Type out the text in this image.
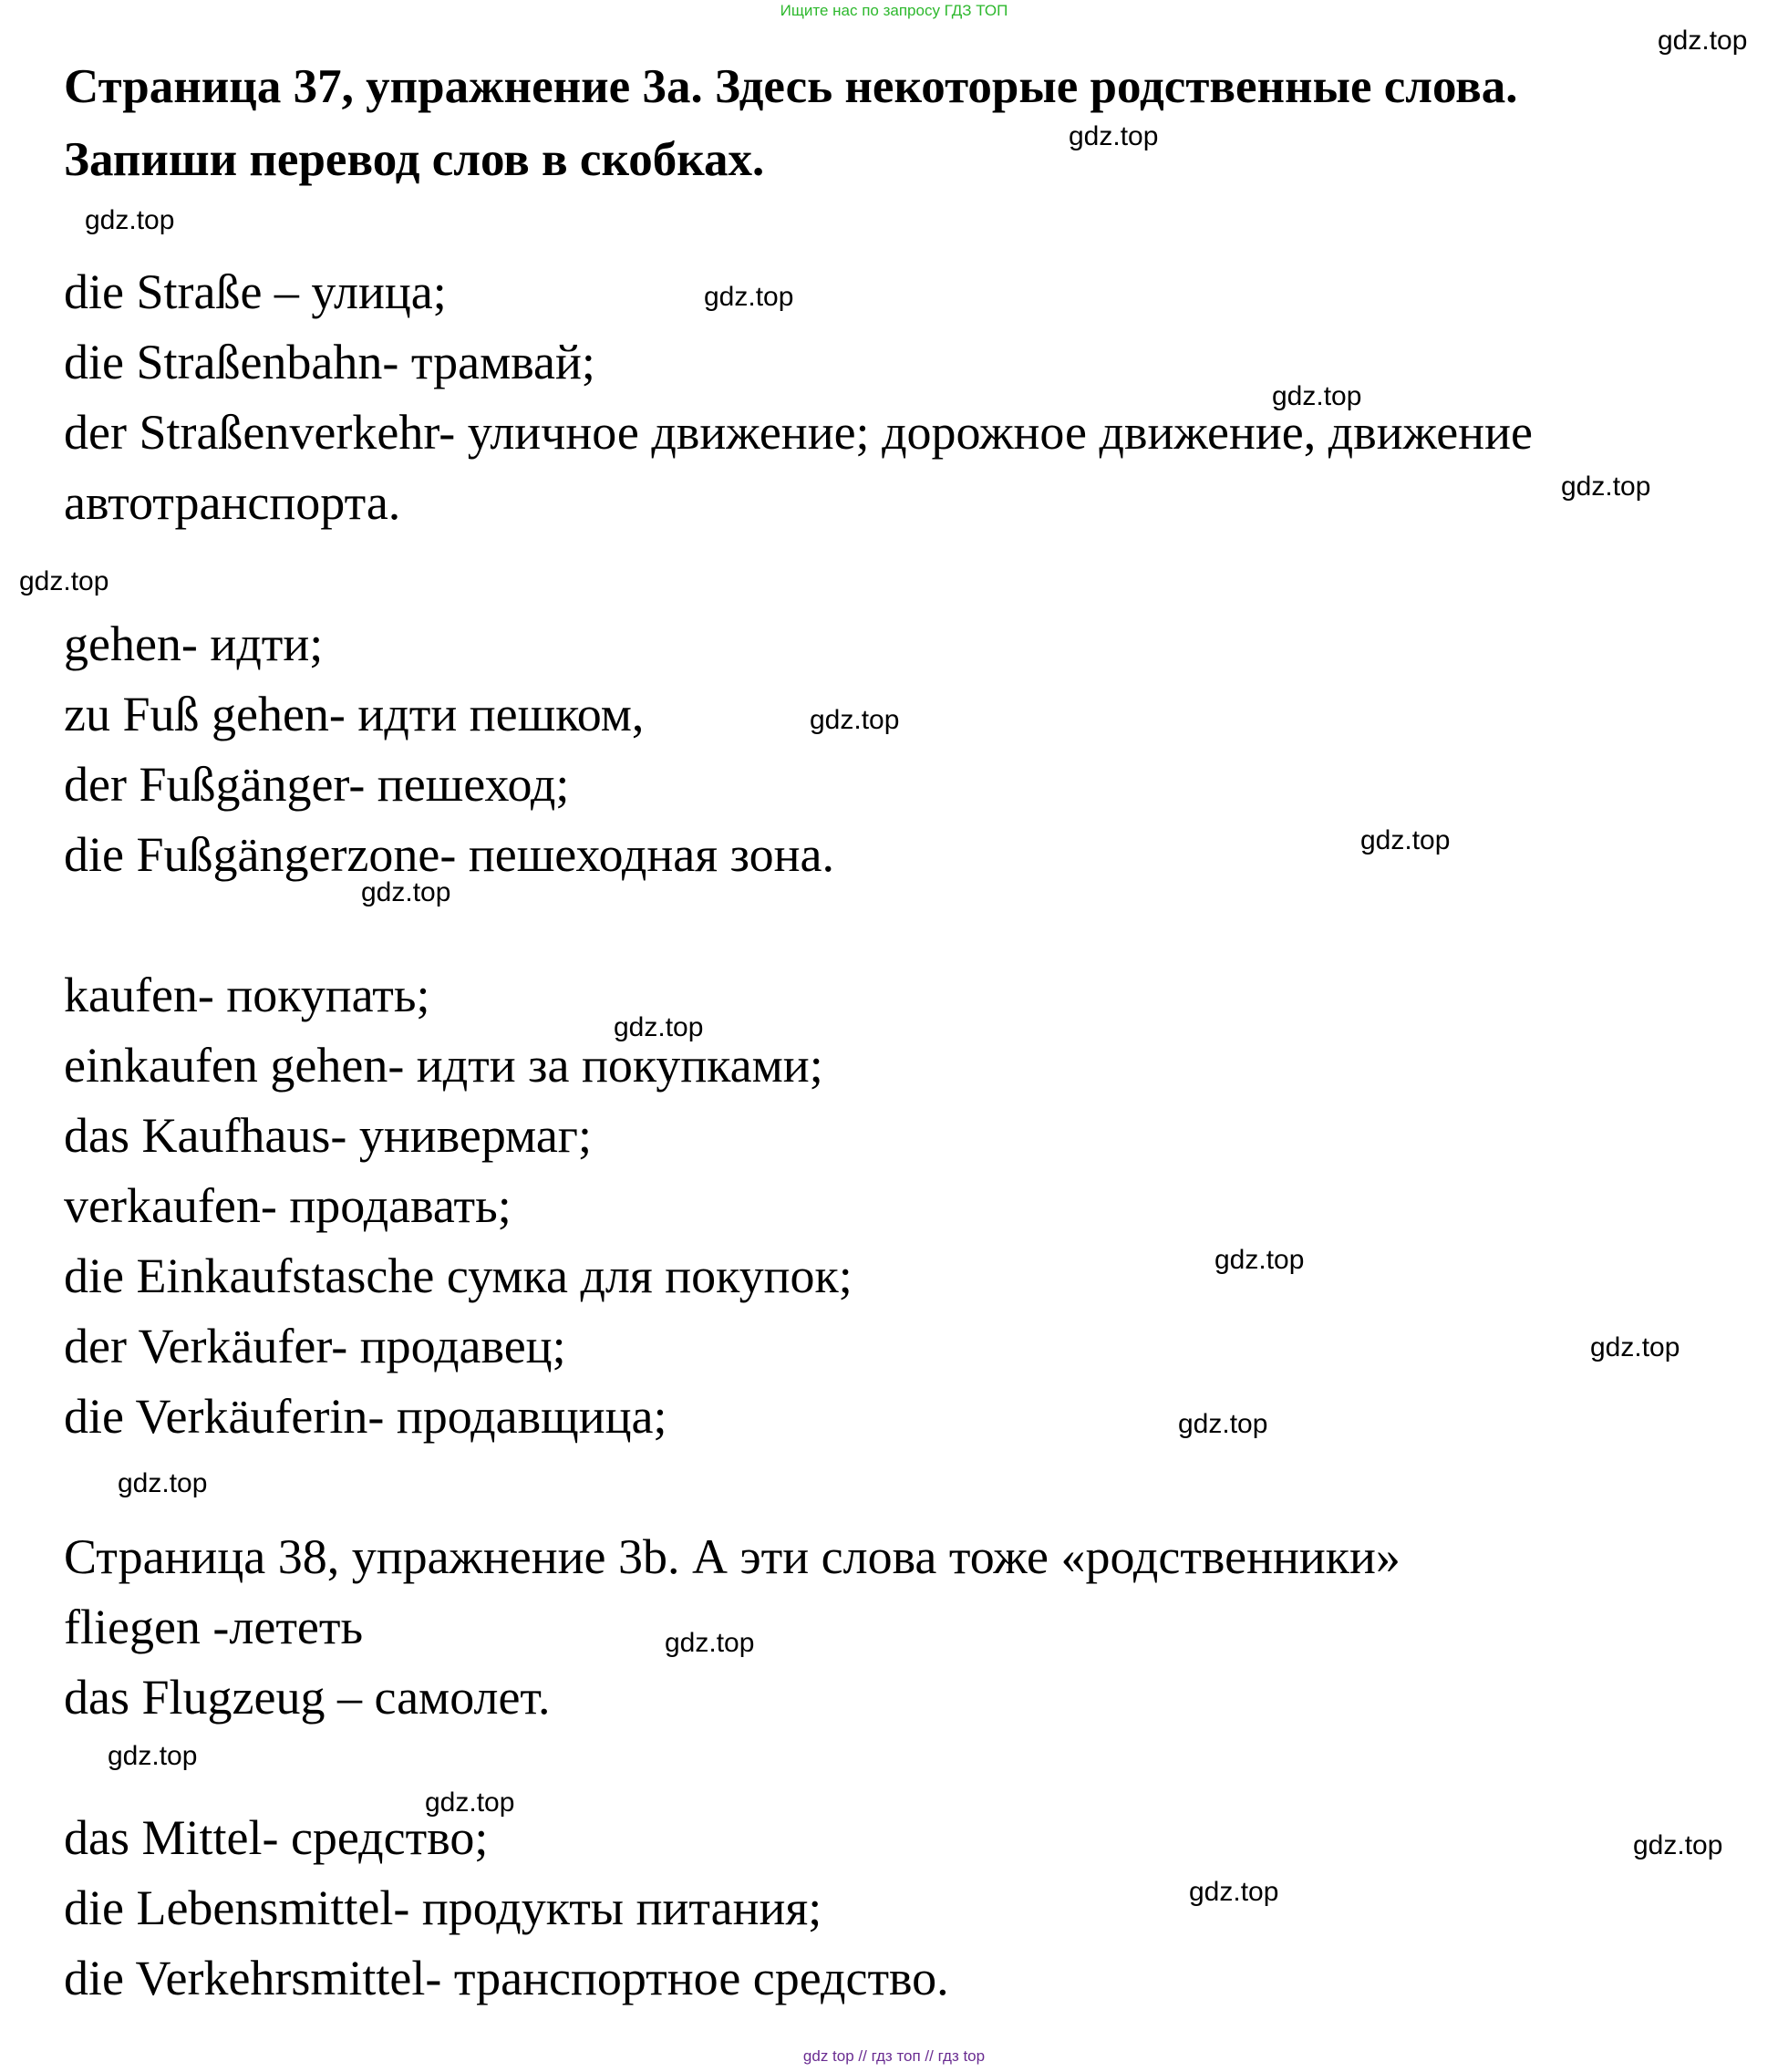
Ищите нас по запросу ГДЗ ТОП
Страница 37, упражнение 3а. Здесь некоторые родственные слова.
Запиши перевод слов в скобках.

die Straße – улица;

die Straßenbahn- трамвай;

der Straßenverkehr- уличное движение; дорожное движение, движение

автотранспорта.

gehen- идти;

zu Fuß gehen- идти пешком,

der Fußgänger- пешеход;

die Fußgängerzone- пешеходная зона.

kaufen- покупать;

einkaufen gehen- идти за покупками;

das Kaufhaus- универмаг;

verkaufen- продавать;

die Einkaufstasche сумка для покупок;

der Verkäufer- продавец;

die Verkäuferin- продавщица;

Страница 38, упражнение 3b. А эти слова тоже «родственники»

fliegen -лететь

das Flugzeug – самолет.

das Mittel- средство;

die Lebensmittel- продукты питания;

die Verkehrsmittel- транспортное средство.

gdz.top
gdz.top
gdz.top
gdz.top
gdz.top
gdz.top
gdz.top
gdz.top
gdz.top
gdz.top
gdz.top
gdz.top
gdz.top
gdz.top
gdz.top
gdz.top
gdz.top
gdz.top
gdz.top
gdz.top
gdz top // гдз топ // гдз top
